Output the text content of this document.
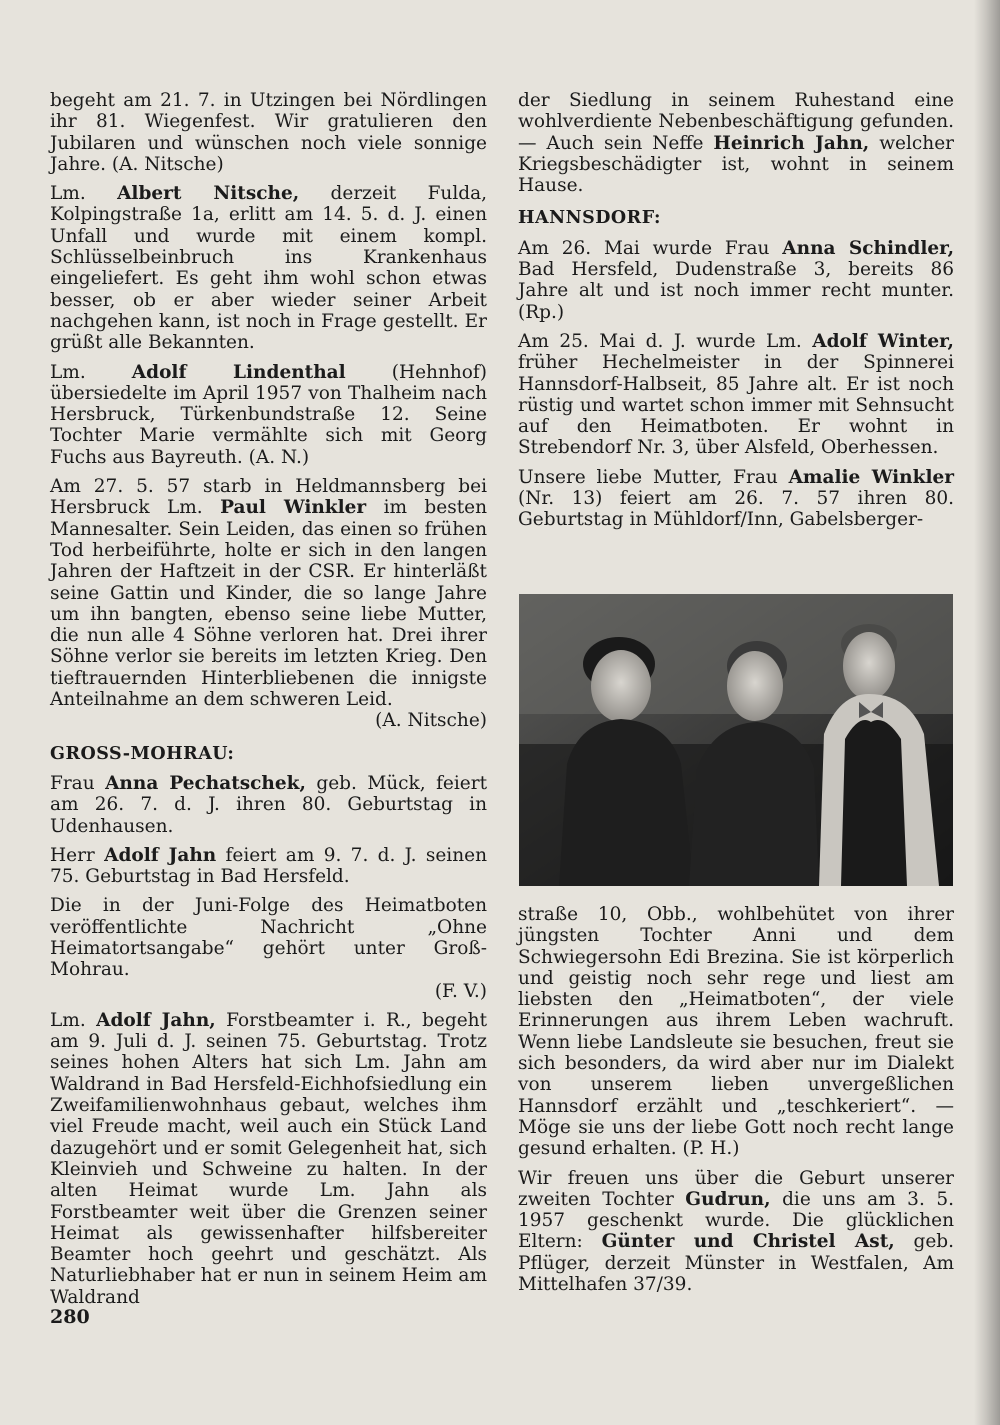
begeht am 21. 7. in Utzingen bei Nördlingen ihr 81. Wiegenfest. Wir gratulieren den Jubilaren und wünschen noch viele sonnige Jahre. (A. Nitsche)

Lm. Albert Nitsche, derzeit Fulda, Kolpingstraße 1a, erlitt am 14. 5. d. J. einen Unfall und wurde mit einem kompl. Schlüsselbeinbruch ins Krankenhaus eingeliefert. Es geht ihm wohl schon etwas besser, ob er aber wieder seiner Arbeit nachgehen kann, ist noch in Frage gestellt. Er grüßt alle Bekannten.

Lm. Adolf Lindenthal (Hehnhof) übersiedelte im April 1957 von Thalheim nach Hersbruck, Türkenbundstraße 12. Seine Tochter Marie vermählte sich mit Georg Fuchs aus Bayreuth. (A. N.)

Am 27. 5. 57 starb in Heldmannsberg bei Hersbruck Lm. Paul Winkler im besten Mannesalter. Sein Leiden, das einen so frühen Tod herbeiführte, holte er sich in den langen Jahren der Haftzeit in der CSR. Er hinterläßt seine Gattin und Kinder, die so lange Jahre um ihn bangten, ebenso seine liebe Mutter, die nun alle 4 Söhne verloren hat. Drei ihrer Söhne verlor sie bereits im letzten Krieg. Den tieftrauernden Hinterbliebenen die innigste Anteilnahme an dem schweren Leid.
(A. Nitsche)

GROSS-MOHRAU:

Frau Anna Pechatschek, geb. Mück, feiert am 26. 7. d. J. ihren 80. Geburtstag in Udenhausen.

Herr Adolf Jahn feiert am 9. 7. d. J. seinen 75. Geburtstag in Bad Hersfeld.

Die in der Juni-Folge des Heimatboten veröffentlichte Nachricht „Ohne Heimatortsangabe“ gehört unter Groß-Mohrau.
(F. V.)

Lm. Adolf Jahn, Forstbeamter i. R., begeht am 9. Juli d. J. seinen 75. Geburtstag. Trotz seines hohen Alters hat sich Lm. Jahn am Waldrand in Bad Hersfeld-Eichhofsiedlung ein Zweifamilienwohnhaus gebaut, welches ihm viel Freude macht, weil auch ein Stück Land dazugehört und er somit Gelegenheit hat, sich Kleinvieh und Schweine zu halten. In der alten Heimat wurde Lm. Jahn als Forstbeamter weit über die Grenzen seiner Heimat als gewissenhafter hilfsbereiter Beamter hoch geehrt und geschätzt. Als Naturliebhaber hat er nun in seinem Heim am Waldrand

der Siedlung in seinem Ruhestand eine wohlverdiente Nebenbeschäftigung gefunden. — Auch sein Neffe Heinrich Jahn, welcher Kriegsbeschädigter ist, wohnt in seinem Hause.

HANNSDORF:

Am 26. Mai wurde Frau Anna Schindler, Bad Hersfeld, Dudenstraße 3, bereits 86 Jahre alt und ist noch immer recht munter. (Rp.)

Am 25. Mai d. J. wurde Lm. Adolf Winter, früher Hechelmeister in der Spinnerei Hannsdorf-Halbseit, 85 Jahre alt. Er ist noch rüstig und wartet schon immer mit Sehnsucht auf den Heimatboten. Er wohnt in Strebendorf Nr. 3, über Alsfeld, Oberhessen.

Unsere liebe Mutter, Frau Amalie Winkler (Nr. 13) feiert am 26. 7. 57 ihren 80. Geburtstag in Mühldorf/Inn, Gabelsberger-

straße 10, Obb., wohlbehütet von ihrer jüngsten Tochter Anni und dem Schwiegersohn Edi Brezina. Sie ist körperlich und geistig noch sehr rege und liest am liebsten den „Heimatboten“, der viele Erinnerungen aus ihrem Leben wachruft. Wenn liebe Landsleute sie besuchen, freut sie sich besonders, da wird aber nur im Dialekt von unserem lieben unvergeßlichen Hannsdorf erzählt und „teschkeriert“. — Möge sie uns der liebe Gott noch recht lange gesund erhalten. (P. H.)

Wir freuen uns über die Geburt unserer zweiten Tochter Gudrun, die uns am 3. 5. 1957 geschenkt wurde. Die glücklichen Eltern: Günter und Christel Ast, geb. Pflüger, derzeit Münster in Westfalen, Am Mittelhafen 37/39.

280
